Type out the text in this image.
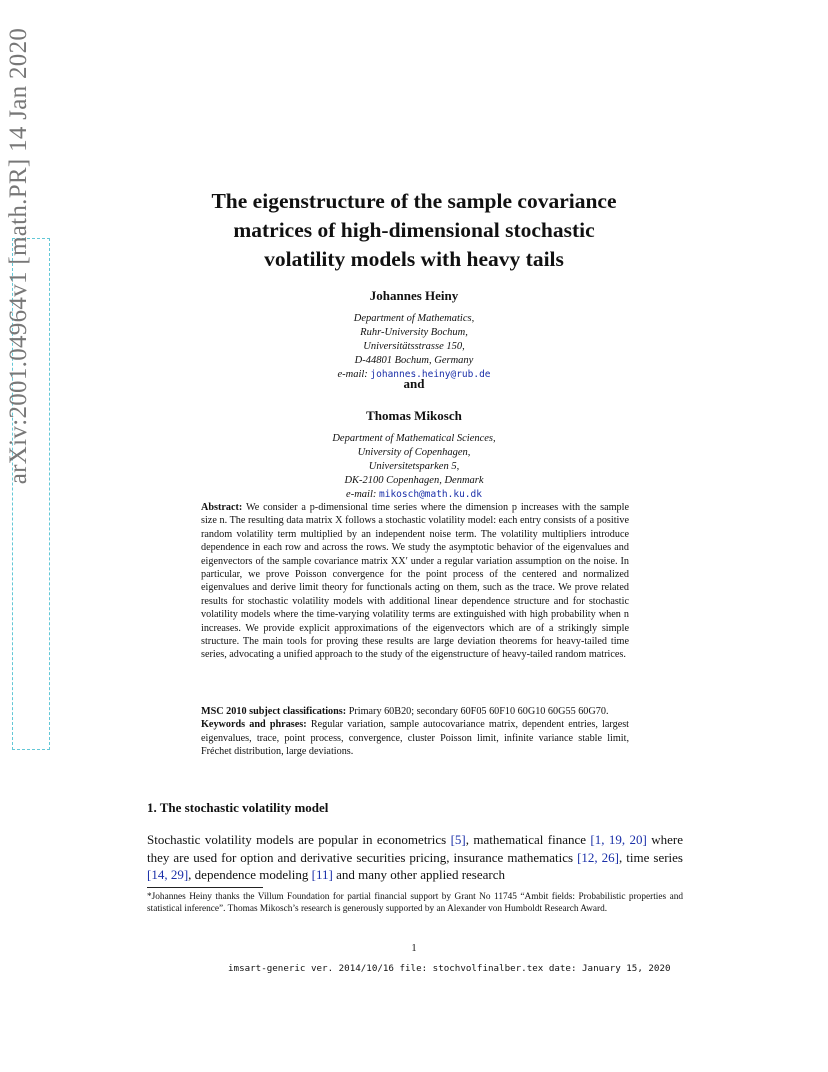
arXiv:2001.04964v1 [math.PR] 14 Jan 2020	The eigenstructure of the sample covariance
matrices of high-dimensional stochastic
volatility models with heavy tails
Johannes Heiny
Department of Mathematics,
Ruhr-University Bochum,
Universitätsstrasse 150,
D-44801 Bochum, Germany
e-mail: johannes.heiny@rub.de
and
Thomas Mikosch
Department of Mathematical Sciences,
University of Copenhagen,
Universitetsparken 5,
DK-2100 Copenhagen, Denmark
e-mail: mikosch@math.ku.dk
Abstract: We consider a p-dimensional time series where the dimension p increases with the sample size n. The resulting data matrix X follows a stochastic volatility model: each entry consists of a positive random volatility term multiplied by an independent noise term. The volatility multipliers introduce dependence in each row and across the rows. We study the asymptotic behavior of the eigenvalues and eigenvectors of the sample covariance matrix XX′ under a regular variation assumption on the noise. In particular, we prove Poisson convergence for the point process of the centered and normalized eigenvalues and derive limit theory for functionals acting on them, such as the trace. We prove related results for stochastic volatility models with additional linear dependence structure and for stochastic volatility models where the time-varying volatility terms are extinguished with high probability when n increases. We provide explicit approximations of the eigenvectors which are of a strikingly simple structure. The main tools for proving these results are large deviation theorems for heavy-tailed time series, advocating a unified approach to the study of the eigenstructure of heavy-tailed random matrices.
MSC 2010 subject classifications: Primary 60B20; secondary 60F05 60F10 60G10 60G55 60G70.
Keywords and phrases: Regular variation, sample autocovariance matrix, dependent entries, largest eigenvalues, trace, point process, convergence, cluster Poisson limit, infinite variance stable limit, Fréchet distribution, large deviations.
1. The stochastic volatility model
Stochastic volatility models are popular in econometrics [5], mathematical finance [1, 19, 20] where they are used for option and derivative securities pricing, insurance mathematics [12, 26], time series [14, 29], dependence modeling [11] and many other applied research
*Johannes Heiny thanks the Villum Foundation for partial financial support by Grant No 11745 “Ambit fields: Probabilistic properties and statistical inference”. Thomas Mikosch’s research is generously supported by an Alexander von Humboldt Research Award.
1
imsart-generic ver. 2014/10/16 file: stochvolfinalber.tex date: January 15, 2020
